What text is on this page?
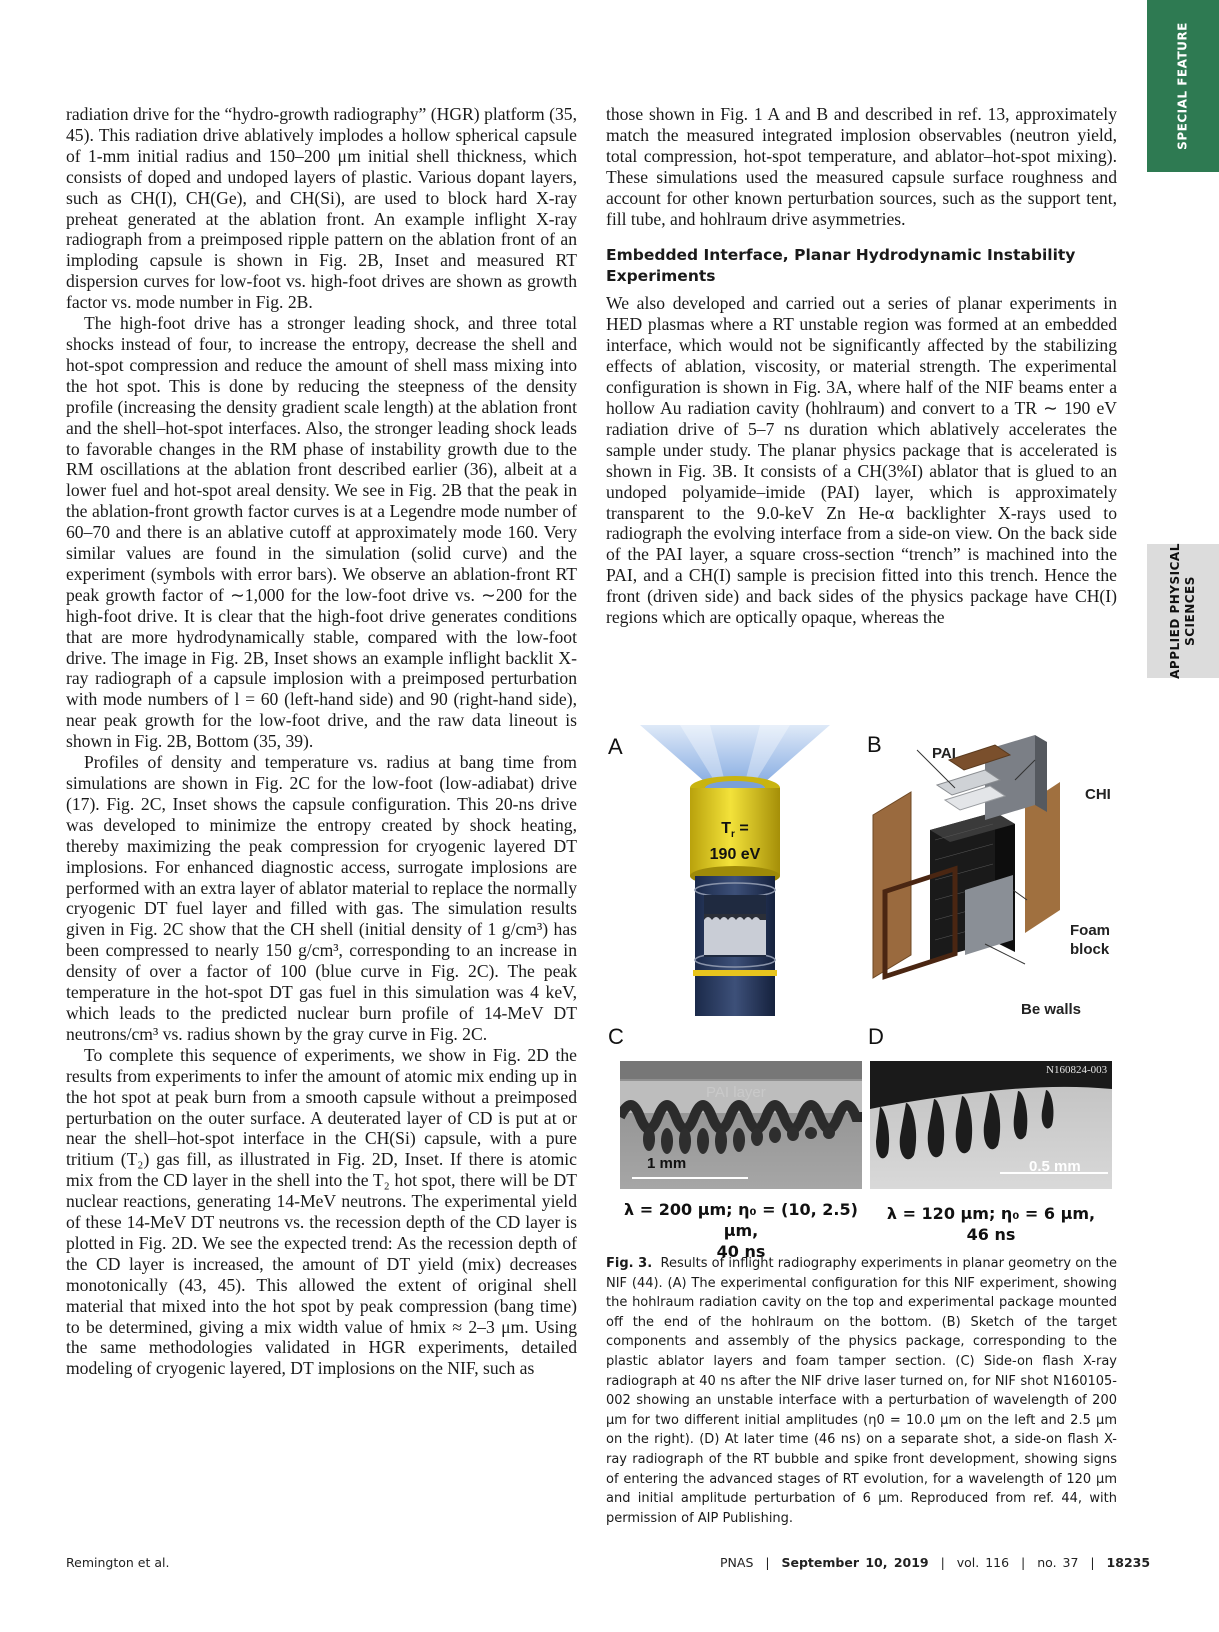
SPECIAL FEATURE
APPLIED PHYSICAL
SCIENCES

radiation drive for the “hydro-growth radiography” (HGR) platform (35, 45). This radiation drive ablatively implodes a hollow spherical capsule of 1-mm initial radius and 150–200 μm initial shell thickness, which consists of doped and undoped layers of plastic. Various dopant layers, such as CH(I), CH(Ge), and CH(Si), are used to block hard X-ray preheat generated at the ablation front. An example inflight X-ray radiograph from a preimposed ripple pattern on the ablation front of an imploding capsule is shown in Fig. 2B, Inset and measured RT dispersion curves for low-foot vs. high-foot drives are shown as growth factor vs. mode number in Fig. 2B.

The high-foot drive has a stronger leading shock, and three total shocks instead of four, to increase the entropy, decrease the shell and hot-spot compression and reduce the amount of shell mass mixing into the hot spot. This is done by reducing the steepness of the density profile (increasing the density gradient scale length) at the ablation front and the shell–hot-spot interfaces. Also, the stronger leading shock leads to favorable changes in the RM phase of instability growth due to the RM oscillations at the ablation front described earlier (36), albeit at a lower fuel and hot-spot areal density. We see in Fig. 2B that the peak in the ablation-front growth factor curves is at a Legendre mode number of 60–70 and there is an ablative cutoff at approximately mode 160. Very similar values are found in the simulation (solid curve) and the experiment (symbols with error bars). We observe an ablation-front RT peak growth factor of ∼1,000 for the low-foot drive vs. ∼200 for the high-foot drive. It is clear that the high-foot drive generates conditions that are more hydrodynamically stable, compared with the low-foot drive. The image in Fig. 2B, Inset shows an example inflight backlit X-ray radiograph of a capsule implosion with a preimposed perturbation with mode numbers of l = 60 (left-hand side) and 90 (right-hand side), near peak growth for the low-foot drive, and the raw data lineout is shown in Fig. 2B, Bottom (35, 39).

Profiles of density and temperature vs. radius at bang time from simulations are shown in Fig. 2C for the low-foot (low-adiabat) drive (17). Fig. 2C, Inset shows the capsule configuration. This 20-ns drive was developed to minimize the entropy created by shock heating, thereby maximizing the peak compression for cryogenic layered DT implosions. For enhanced diagnostic access, surrogate implosions are performed with an extra layer of ablator material to replace the normally cryogenic DT fuel layer and filled with gas. The simulation results given in Fig. 2C show that the CH shell (initial density of 1 g/cm³) has been compressed to nearly 150 g/cm³, corresponding to an increase in density of over a factor of 100 (blue curve in Fig. 2C). The peak temperature in the hot-spot DT gas fuel in this simulation was 4 keV, which leads to the predicted nuclear burn profile of 14-MeV DT neutrons/cm³ vs. radius shown by the gray curve in Fig. 2C.

To complete this sequence of experiments, we show in Fig. 2D the results from experiments to infer the amount of atomic mix ending up in the hot spot at peak burn from a smooth capsule without a preimposed perturbation on the outer surface. A deuterated layer of CD is put at or near the shell–hot-spot interface in the CH(Si) capsule, with a pure tritium (T₂) gas fill, as illustrated in Fig. 2D, Inset. If there is atomic mix from the CD layer in the shell into the T₂ hot spot, there will be DT nuclear reactions, generating 14-MeV neutrons. The experimental yield of these 14-MeV DT neutrons vs. the recession depth of the CD layer is plotted in Fig. 2D. We see the expected trend: As the recession depth of the CD layer is increased, the amount of DT yield (mix) decreases monotonically (43, 45). This allowed the extent of original shell material that mixed into the hot spot by peak compression (bang time) to be determined, giving a mix width value of hmix ≈ 2–3 μm. Using the same methodologies validated in HGR experiments, detailed modeling of cryogenic layered, DT implosions on the NIF, such as

those shown in Fig. 1 A and B and described in ref. 13, approximately match the measured integrated implosion observables (neutron yield, total compression, hot-spot temperature, and ablator–hot-spot mixing). These simulations used the measured capsule surface roughness and account for other known perturbation sources, such as the support tent, fill tube, and hohlraum drive asymmetries.

Embedded Interface, Planar Hydrodynamic Instability Experiments

We also developed and carried out a series of planar experiments in HED plasmas where a RT unstable region was formed at an embedded interface, which would not be significantly affected by the stabilizing effects of ablation, viscosity, or material strength. The experimental configuration is shown in Fig. 3A, where half of the NIF beams enter a hollow Au radiation cavity (hohlraum) and convert to a TR ∼ 190 eV radiation drive of 5–7 ns duration which ablatively accelerates the sample under study. The planar physics package that is accelerated is shown in Fig. 3B. It consists of a CH(3%I) ablator that is glued to an undoped polyamide–imide (PAI) layer, which is approximately transparent to the 9.0-keV Zn He-α backlighter X-rays used to radiograph the evolving interface from a side-on view. On the back side of the PAI layer, a square cross-section “trench” is machined into the PAI, and a CH(I) sample is precision fitted into this trench. Hence the front (driven side) and back sides of the physics package have CH(I) regions which are optically opaque, whereas the

A	B
C	D
$T_r$ =
190 eV
PAI
CHI
Foam
block
Be walls
PAI layer
1 mm
N160824-003
0.5 mm
λ = 200 μm; η₀ = (10, 2.5) μm,
40 ns
λ = 120 μm; η₀ = 6 μm,
46 ns
Fig. 3. Results of inflight radiography experiments in planar geometry on the NIF (44). (A) The experimental configuration for this NIF experiment, showing the hohlraum radiation cavity on the top and experimental package mounted off the end of the hohlraum on the bottom. (B) Sketch of the target components and assembly of the physics package, corresponding to the plastic ablator layers and foam tamper section. (C) Side-on flash X-ray radiograph at 40 ns after the NIF drive laser turned on, for NIF shot N160105-002 showing an unstable interface with a perturbation of wavelength of 200 μm for two different initial amplitudes (η0 = 10.0 μm on the left and 2.5 μm on the right). (D) At later time (46 ns) on a separate shot, a side-on flash X-ray radiograph of the RT bubble and spike front development, showing signs of entering the advanced stages of RT evolution, for a wavelength of 120 μm and initial amplitude perturbation of 6 μm. Reproduced from ref. 44, with permission of AIP Publishing.
Remington et al.	PNAS | September 10, 2019 | vol. 116 | no. 37 | 18235
